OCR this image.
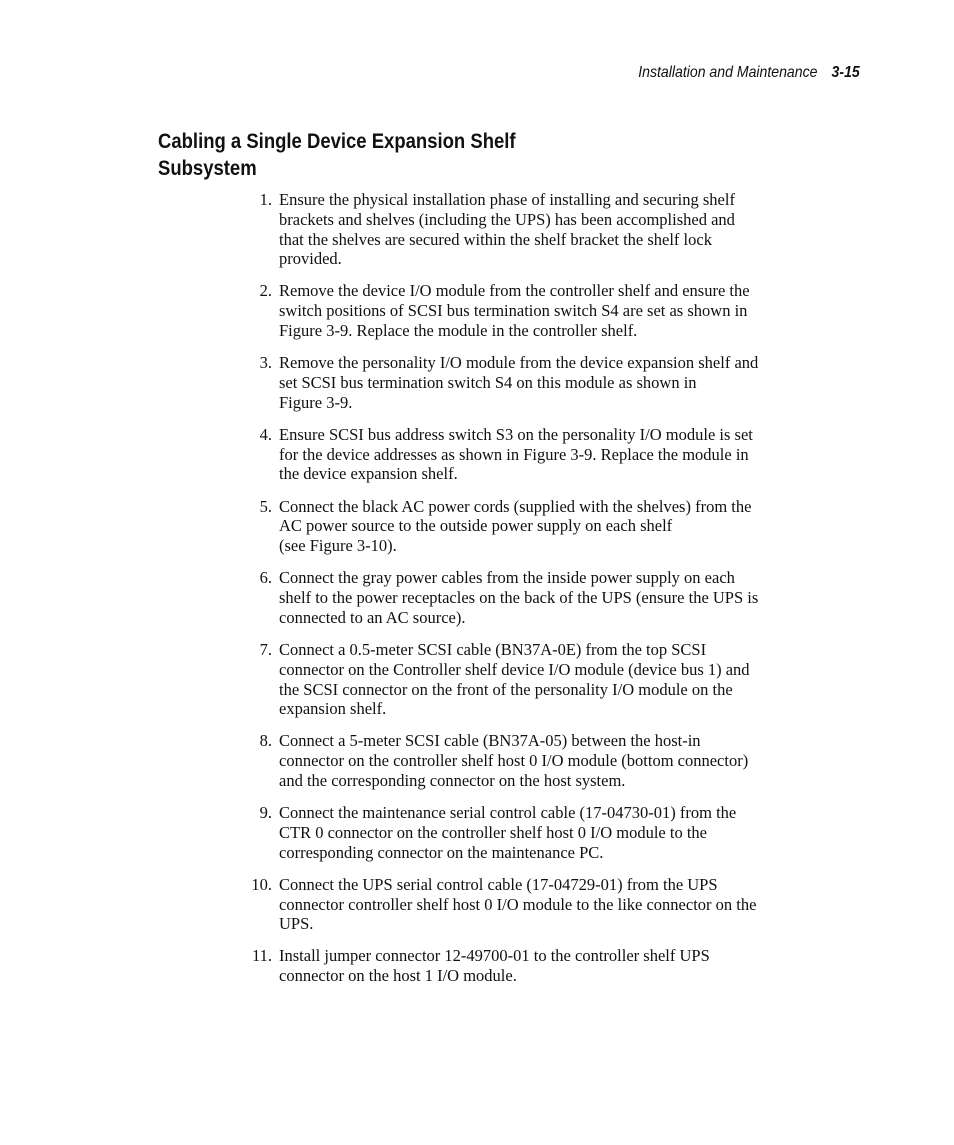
Installation and Maintenance 3-15
Cabling a Single Device Expansion Shelf
Subsystem
1. Ensure the physical installation phase of installing and securing shelf
brackets and shelves (including the UPS) has been accomplished and
that the shelves are secured within the shelf bracket the shelf lock
provided.
2. Remove the device I/O module from the controller shelf and ensure the
switch positions of SCSI bus termination switch S4 are set as shown in
Figure 3-9. Replace the module in the controller shelf.
3. Remove the personality I/O module from the device expansion shelf and
set SCSI bus termination switch S4 on this module as shown in
Figure 3-9.
4. Ensure SCSI bus address switch S3 on the personality I/O module is set
for the device addresses as shown in Figure 3-9. Replace the module in
the device expansion shelf.
5. Connect the black AC power cords (supplied with the shelves) from the
AC power source to the outside power supply on each shelf
(see Figure 3-10).
6. Connect the gray power cables from the inside power supply on each
shelf to the power receptacles on the back of the UPS (ensure the UPS is
connected to an AC source).
7. Connect a 0.5-meter SCSI cable (BN37A-0E) from the top SCSI
connector on the Controller shelf device I/O module (device bus 1) and
the SCSI connector on the front of the personality I/O module on the
expansion shelf.
8. Connect a 5-meter SCSI cable (BN37A-05) between the host-in
connector on the controller shelf host 0 I/O module (bottom connector)
and the corresponding connector on the host system.
9. Connect the maintenance serial control cable (17-04730-01) from the
CTR 0 connector on the controller shelf host 0 I/O module to the
corresponding connector on the maintenance PC.
10. Connect the UPS serial control cable (17-04729-01) from the UPS
connector controller shelf host 0 I/O module to the like connector on the
UPS.
11. Install jumper connector 12-49700-01 to the controller shelf UPS
connector on the host 1 I/O module.
